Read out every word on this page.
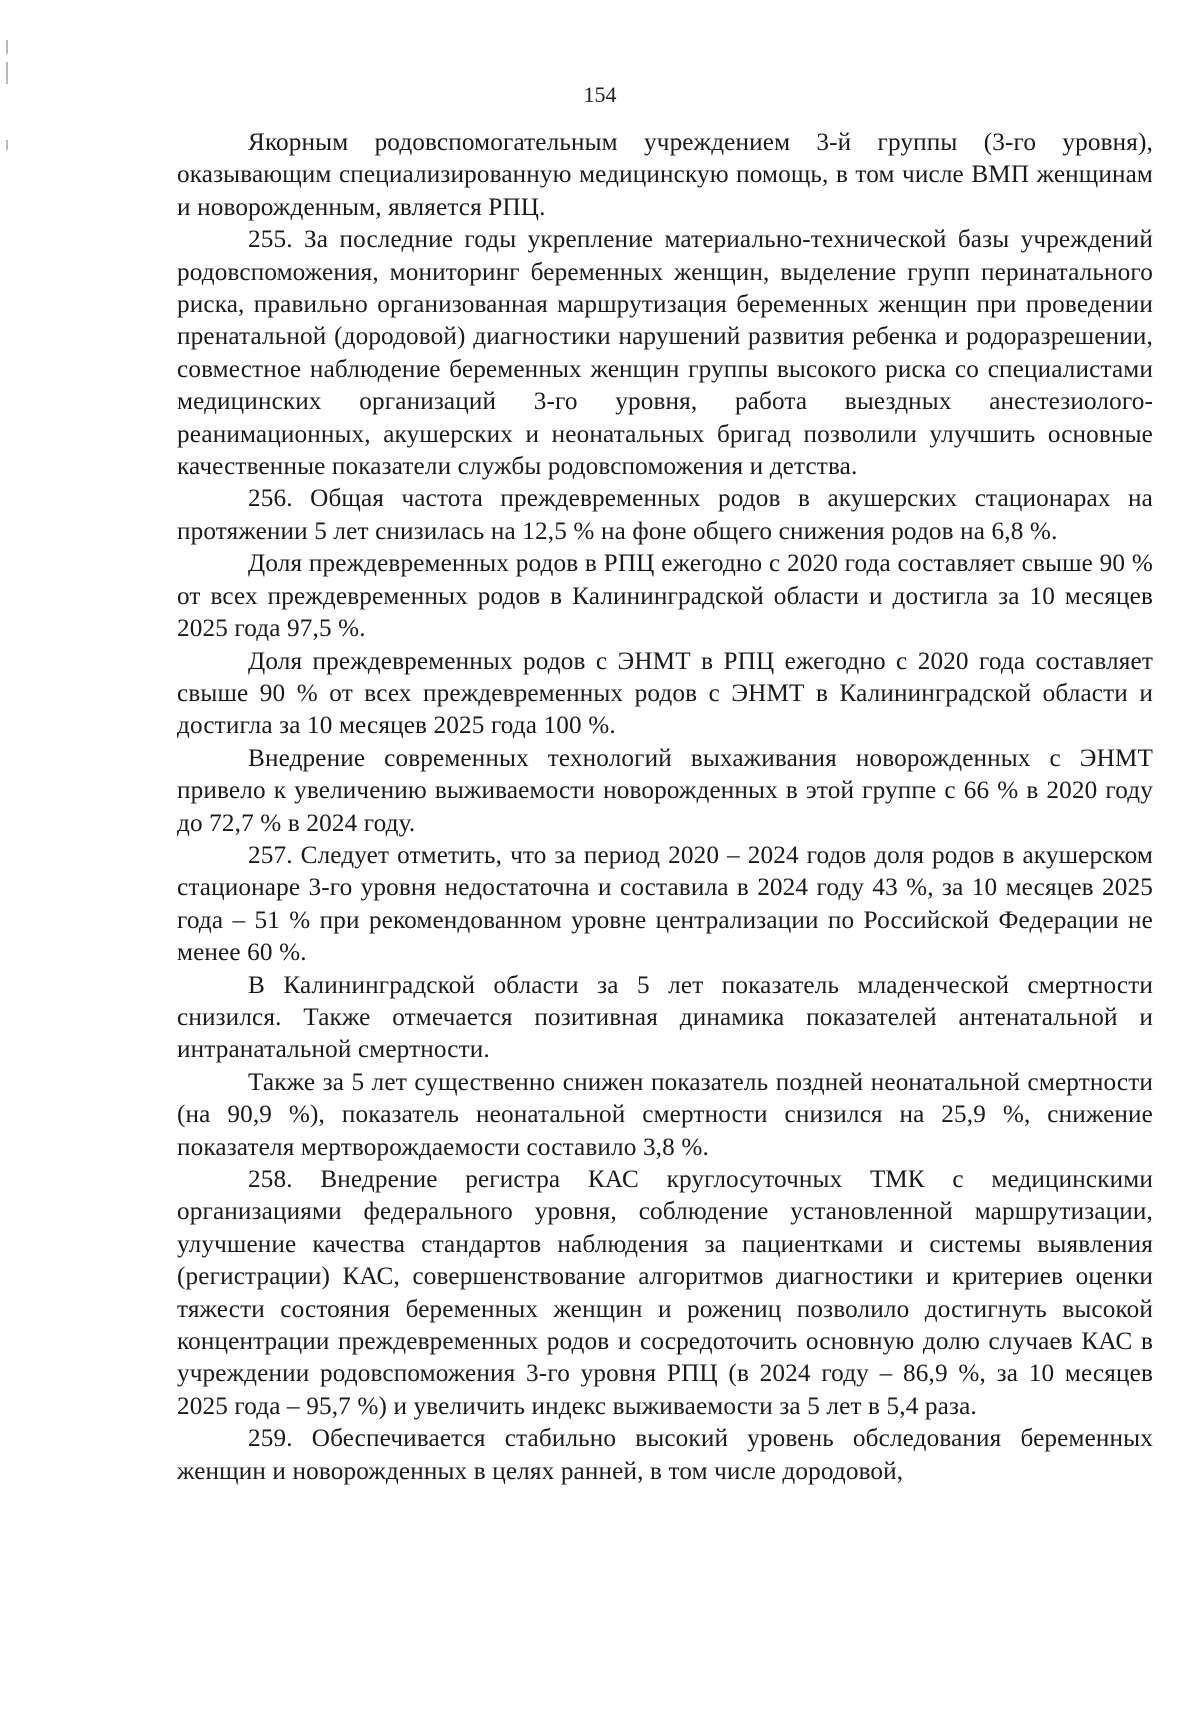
154

Якорным родовспомогательным учреждением 3-й группы (3-го уровня), оказывающим специализированную медицинскую помощь, в том числе ВМП женщинам и новорожденным, является РПЦ.

255. За последние годы укрепление материально-технической базы учреждений родовспоможения, мониторинг беременных женщин, выделение групп перинатального риска, правильно организованная маршрутизация беременных женщин при проведении пренатальной (дородовой) диагностики нарушений развития ребенка и родоразрешении, совместное наблюдение беременных женщин группы высокого риска со специалистами медицинских организаций 3-го уровня, работа выездных анестезиолого-реанимационных, акушерских и неонатальных бригад позволили улучшить основные качественные показатели службы родовспоможения и детства.

256. Общая частота преждевременных родов в акушерских стационарах на протяжении 5 лет снизилась на 12,5 % на фоне общего снижения родов на 6,8 %.

Доля преждевременных родов в РПЦ ежегодно с 2020 года составляет свыше 90 % от всех преждевременных родов в Калининградской области и достигла за 10 месяцев 2025 года 97,5 %.

Доля преждевременных родов с ЭНМТ в РПЦ ежегодно с 2020 года составляет свыше 90 % от всех преждевременных родов с ЭНМТ в Калининградской области и достигла за 10 месяцев 2025 года 100 %.

Внедрение современных технологий выхаживания новорожденных с ЭНМТ привело к увеличению выживаемости новорожденных в этой группе с 66 % в 2020 году до 72,7 % в 2024 году.

257. Следует отметить, что за период 2020 – 2024 годов доля родов в акушерском стационаре 3-го уровня недостаточна и составила в 2024 году 43 %, за 10 месяцев 2025 года – 51 % при рекомендованном уровне централизации по Российской Федерации не менее 60 %.

В Калининградской области за 5 лет показатель младенческой смертности снизился. Также отмечается позитивная динамика показателей антенатальной и интранатальной смертности.

Также за 5 лет существенно снижен показатель поздней неонатальной смертности (на 90,9 %), показатель неонатальной смертности снизился на 25,9 %, снижение показателя мертворождаемости составило 3,8 %.

258. Внедрение регистра КАС круглосуточных ТМК с медицинскими организациями федерального уровня, соблюдение установленной маршрутизации, улучшение качества стандартов наблюдения за пациентками и системы выявления (регистрации) КАС, совершенствование алгоритмов диагностики и критериев оценки тяжести состояния беременных женщин и рожениц позволило достигнуть высокой концентрации преждевременных родов и сосредоточить основную долю случаев КАС в учреждении родовспоможения 3-го уровня РПЦ (в 2024 году – 86,9 %, за 10 месяцев 2025 года – 95,7 %) и увеличить индекс выживаемости за 5 лет в 5,4 раза.

259. Обеспечивается стабильно высокий уровень обследования беременных женщин и новорожденных в целях ранней, в том числе дородовой,
